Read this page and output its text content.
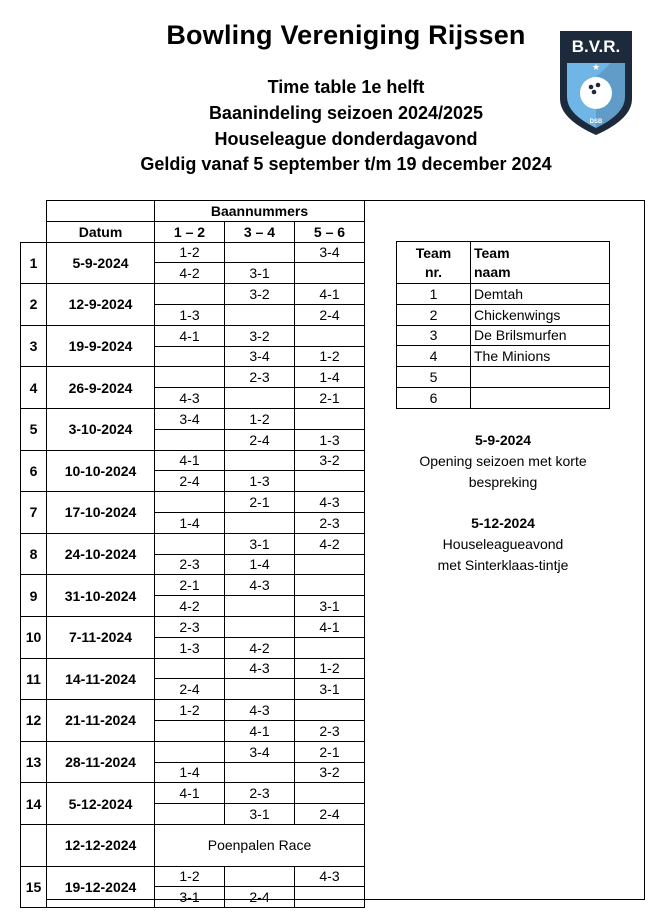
Bowling Vereniging Rijssen
Time table 1e helft
Baanindeling seizoen 2024/2025
Houseleague donderdagavond
Geldig vanaf 5 september t/m 19 december 2024
B.V.R.
★
DSB
		Baannummers		
	Datum	1 – 2	3 – 4	5 – 6
1	5-9-2024	1-2		3-4
		4-2	3-1	
2	12-9-2024		3-2	4-1
		1-3		2-4
3	19-9-2024	4-1	3-2	
			3-4	1-2
4	26-9-2024		2-3	1-4
		4-3		2-1
5	3-10-2024	3-4	1-2	
			2-4	1-3
6	10-10-2024	4-1		3-2
		2-4	1-3	
7	17-10-2024		2-1	4-3
		1-4		2-3
8	24-10-2024		3-1	4-2
		2-3	1-4	
9	31-10-2024	2-1	4-3	
		4-2		3-1
10	7-11-2024	2-3		4-1
		1-3	4-2	
11	14-11-2024		4-3	1-2
		2-4		3-1
12	21-11-2024	1-2	4-3	
			4-1	2-3
13	28-11-2024		3-4	2-1
		1-4		3-2
14	5-12-2024	4-1	2-3	
			3-1	2-4
	12-12-2024	Poenpalen Race		
15	19-12-2024	1-2		4-3
		3-1	2-4	
Team
nr.	Team
naam
1	Demtah
2	Chickenwings
3	De Brilsmurfen
4	The Minions
5	
6	
5-9-2024
Opening seizoen met korte
bespreking
5-12-2024
Houseleagueavond
met Sinterklaas-tintje
